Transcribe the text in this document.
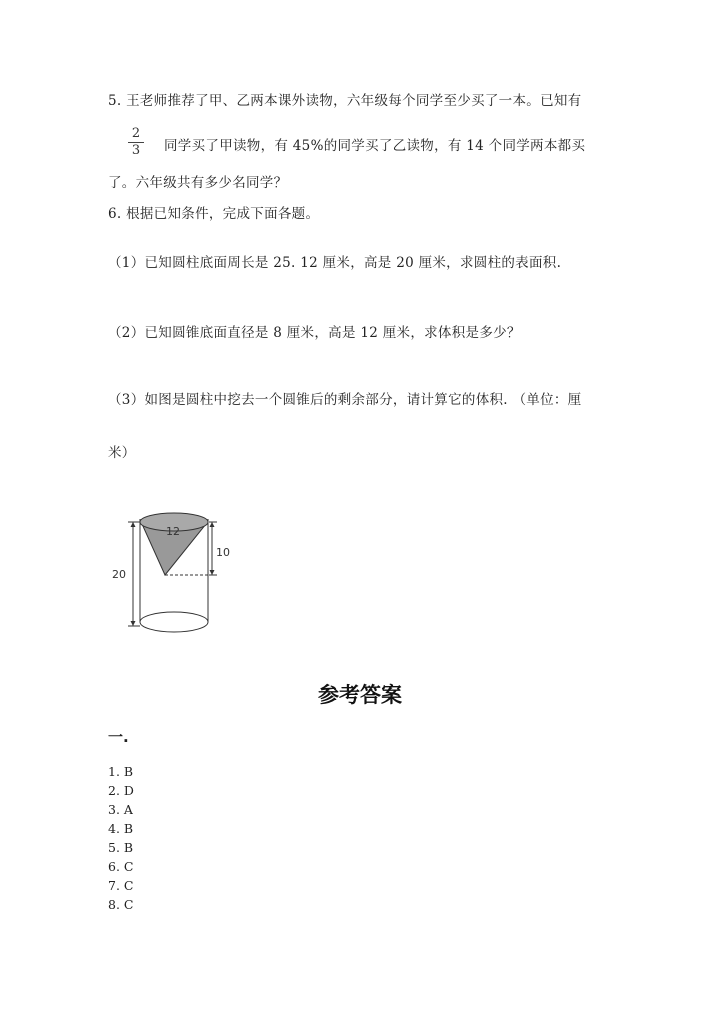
5. 王老师推荐了甲、乙两本课外读物，六年级每个同学至少买了一本。已知有
2
3 同学买了甲读物，有 45%的同学买了乙读物，有 14 个同学两本都买
了。六年级共有多少名同学？
6. 根据已知条件，完成下面各题。
（1）已知圆柱底面周长是 25. 12 厘米，高是 20 厘米，求圆柱的表面积.
（2）已知圆锥底面直径是 8 厘米，高是 12 厘米，求体积是多少？
（3）如图是圆柱中挖去一个圆锥后的剩余部分，请计算它的体积. （单位：厘
米）
12
10
20
参考答案
一.
1. B
2. D
3. A
4. B
5. B
6. C
7. C
8. C
